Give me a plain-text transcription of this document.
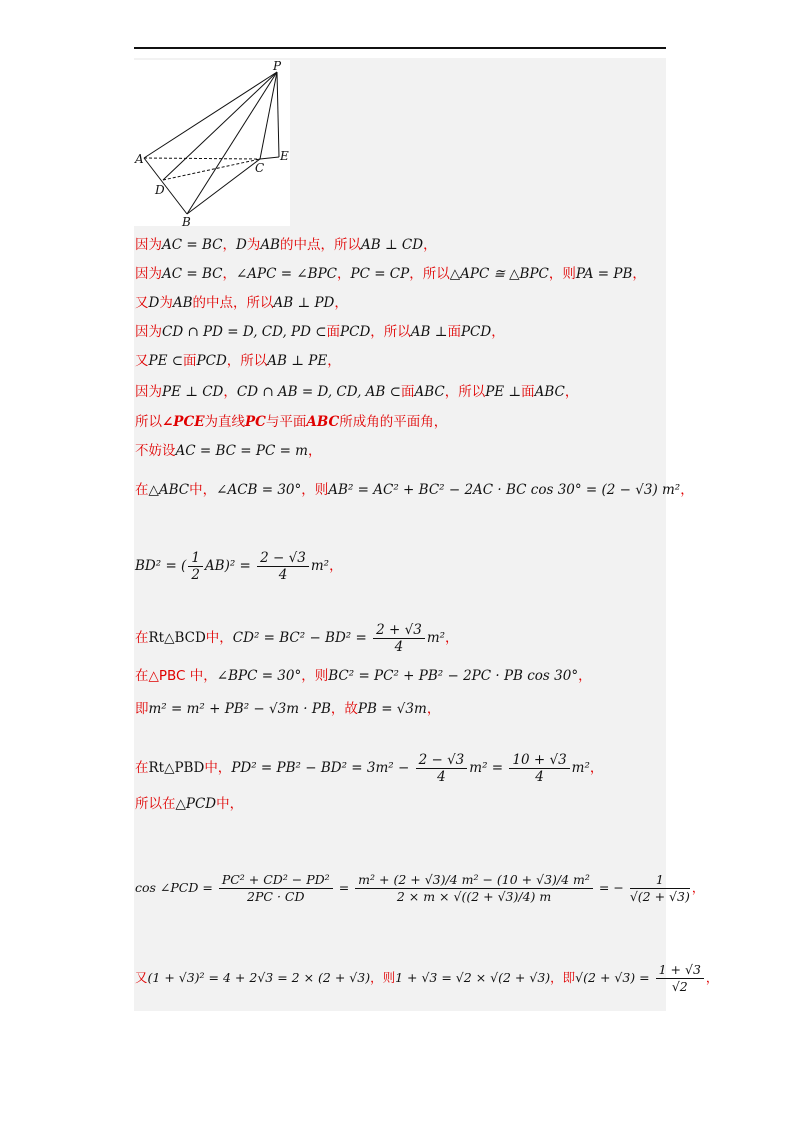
P
A
C
E
D
B
因为AC = BC，D为AB的中点，所以AB ⊥ CD，
因为AC = BC，∠APC = ∠BPC，PC = CP，所以△APC ≅ △BPC，则PA = PB，
又D为AB的中点，所以AB ⊥ PD，
因为CD ∩ PD = D, CD, PD ⊂面PCD，所以AB ⊥面PCD，
又PE ⊂面PCD，所以AB ⊥ PE，
因为PE ⊥ CD，CD ∩ AB = D, CD, AB ⊂面ABC，所以PE ⊥面ABC，
所以∠PCE为直线PC与平面ABC所成角的平面角，
不妨设AC = BC = PC = m，
在△ABC中，∠ACB = 30°，则AB² = AC² + BC² − 2AC · BC cos 30° = (2 − √3) m²，
BD² = ( $\frac{1}{2} AB)^2 = \frac{2 - √3}{4} m^2$，
在Rt△BCD中，$CD^2 = BC^2 - BD^2 = \frac{2 + √3}{4} m^2$，
在△PBC 中，∠BPC = 30°，则BC² = PC² + PB² − 2PC · PB cos 30°，
即m² = m² + PB² − √3m · PB，故PB = √3m，
在Rt△PBD中，$PD^2 = PB^2 - BD^2 = 3m^2 - \frac{2 - √3}{4} m^2 = \frac{10 + √3}{4} m^2$，
所以在△PCD中，
cos ∠PCD = $\frac{\text{PC² + CD² − PD²}}{2PC \cdot CD} = \frac{\text{m² + (2 + √3)/4 m² − (10 + √3)/4 m²}}{2 \times m \times √((2 + √3)/4) m}$ = − $\frac{1}{√(2 + √3)}$ ，
又(1 + √3)² = 4 + 2√3 = 2 × (2 + √3)，则1 + √3 = √2 × √(2 + √3)，即$√(2 + √3) = \frac{1 + √3}{√2}$ ，
